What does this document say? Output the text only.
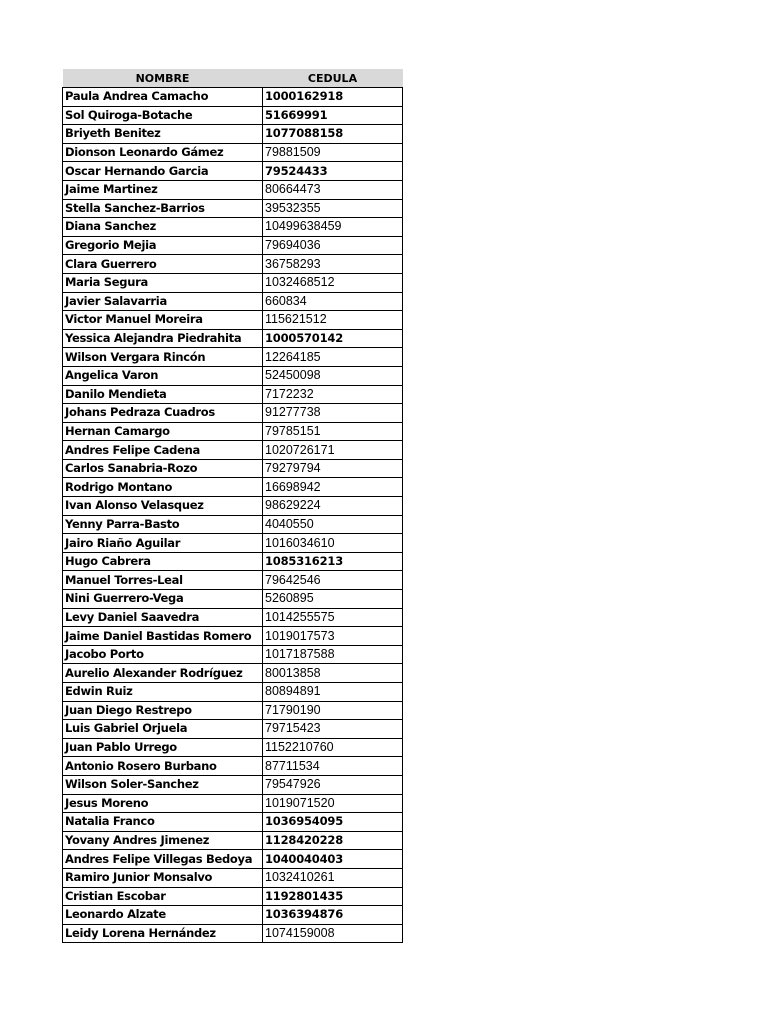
NOMBRE	CEDULA
Paula Andrea Camacho	1000162918
Sol Quiroga-Botache	51669991
Briyeth Benitez	1077088158
Dionson Leonardo Gámez	79881509
Oscar Hernando Garcia	79524433
Jaime Martinez	80664473
Stella Sanchez-Barrios	39532355
Diana Sanchez	10499638459
Gregorio Mejia	79694036
Clara Guerrero	36758293
Maria Segura	1032468512
Javier Salavarria	660834
Victor Manuel Moreira	115621512
Yessica Alejandra Piedrahita	1000570142
Wilson Vergara Rincón	12264185
Angelica Varon	52450098
Danilo Mendieta	7172232
Johans Pedraza Cuadros	91277738
Hernan Camargo	79785151
Andres Felipe Cadena	1020726171
Carlos Sanabria-Rozo	79279794
Rodrigo Montano	16698942
Ivan Alonso Velasquez	98629224
Yenny Parra-Basto	4040550
Jairo Riaño Aguilar	1016034610
Hugo Cabrera	1085316213
Manuel Torres-Leal	79642546
Nini Guerrero-Vega	5260895
Levy Daniel Saavedra	1014255575
Jaime Daniel Bastidas Romero	1019017573
Jacobo Porto	1017187588
Aurelio Alexander Rodríguez	80013858
Edwin Ruiz	80894891
Juan Diego Restrepo	71790190
Luis Gabriel Orjuela	79715423
Juan Pablo Urrego	1152210760
Antonio Rosero Burbano	87711534
Wilson Soler-Sanchez	79547926
Jesus Moreno	1019071520
Natalia Franco	1036954095
Yovany Andres Jimenez	1128420228
Andres Felipe Villegas Bedoya	1040040403
Ramiro Junior Monsalvo	1032410261
Cristian Escobar	1192801435
Leonardo Alzate	1036394876
Leidy Lorena Hernández	1074159008
